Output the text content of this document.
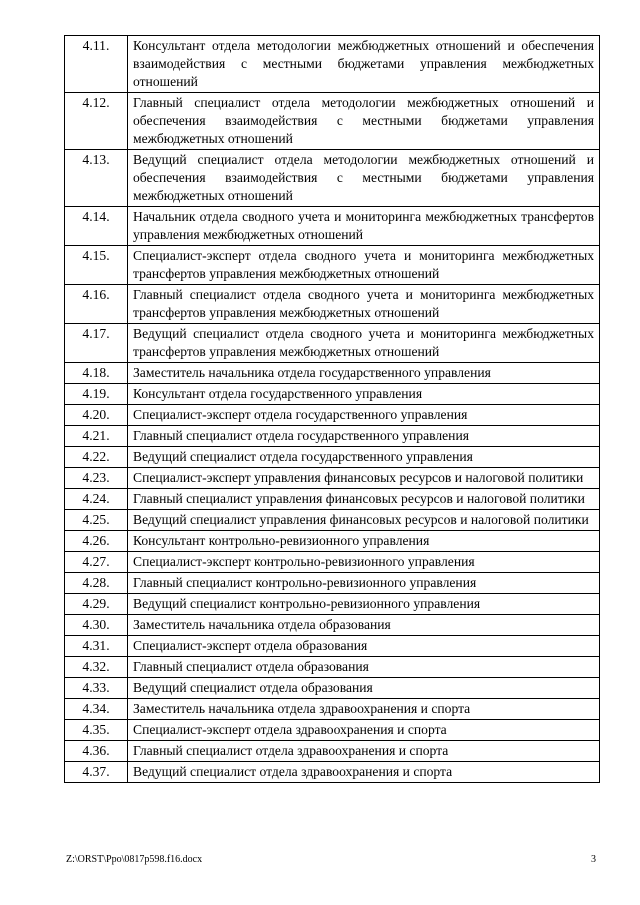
4.11.	Консультант отдела методологии межбюджетных отношений и обеспечения взаимодействия с местными бюджетами управления межбюджетных отношений
4.12.	Главный специалист отдела методологии межбюджетных отношений и обеспечения взаимодействия с местными бюджетами управления межбюджетных отношений
4.13.	Ведущий специалист отдела методологии межбюджетных отношений и обеспечения взаимодействия с местными бюджетами управления межбюджетных отношений
4.14.	Начальник отдела сводного учета и мониторинга межбюджетных трансфертов управления межбюджетных отношений
4.15.	Специалист-эксперт отдела сводного учета и мониторинга межбюджетных трансфертов управления межбюджетных отношений
4.16.	Главный специалист отдела сводного учета и мониторинга межбюджетных трансфертов управления межбюджетных отношений
4.17.	Ведущий специалист отдела сводного учета и мониторинга межбюджетных трансфертов управления межбюджетных отношений
4.18.	Заместитель начальника отдела государственного управления
4.19.	Консультант отдела государственного управления
4.20.	Специалист-эксперт отдела государственного управления
4.21.	Главный специалист отдела государственного управления
4.22.	Ведущий специалист отдела государственного управления
4.23.	Специалист-эксперт управления финансовых ресурсов и налоговой политики
4.24.	Главный специалист управления финансовых ресурсов и налоговой политики
4.25.	Ведущий специалист управления финансовых ресурсов и налоговой политики
4.26.	Консультант контрольно-ревизионного управления
4.27.	Специалист-эксперт контрольно-ревизионного управления
4.28.	Главный специалист контрольно-ревизионного управления
4.29.	Ведущий специалист контрольно-ревизионного управления
4.30.	Заместитель начальника отдела образования
4.31.	Специалист-эксперт отдела образования
4.32.	Главный специалист отдела образования
4.33.	Ведущий специалист отдела образования
4.34.	Заместитель начальника отдела здравоохранения и спорта
4.35.	Специалист-эксперт отдела здравоохранения и спорта
4.36.	Главный специалист отдела здравоохранения и спорта
4.37.	Ведущий специалист отдела здравоохранения и спорта
Z:\ORST\Ppo\0817p598.f16.docx	3
